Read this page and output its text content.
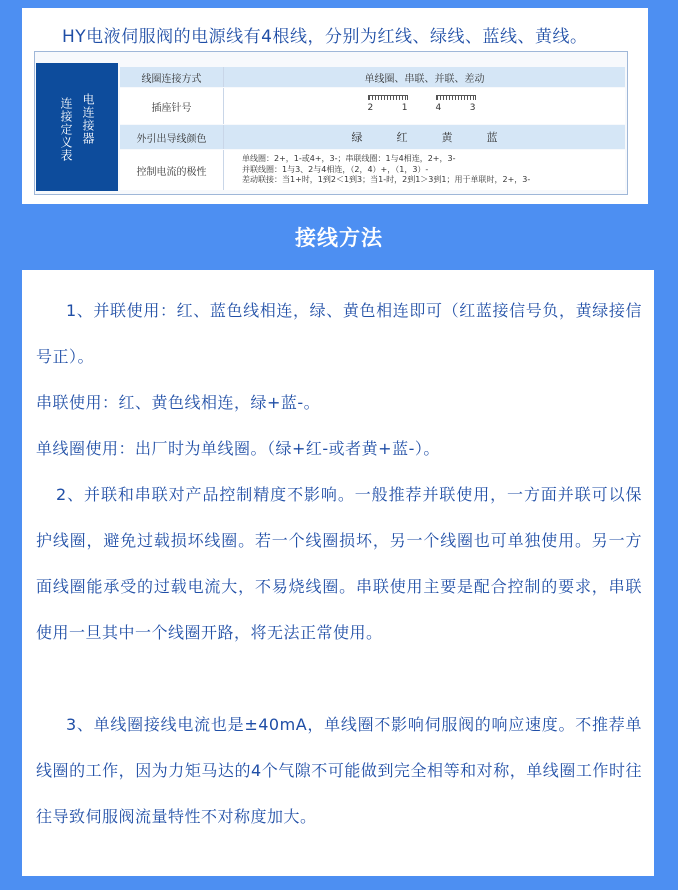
HY电液伺服阀的电源线有4根线，分别为红线、绿线、蓝线、黄线。
连接定义表 电连接器
线圈连接方式	单线圈、串联、并联、差动
插座针号	2	1	4	3
外引出导线颜色	绿	红	黄	蓝
控制电流的极性
单线圈：2+，1-或4+，3-；串联线圈：1与4相连，2+，3-
并联线圈：1与3、2与4相连，（2，4）+，（1，3）-
差动联接：当1+时，1到2＜1到3；当1-时，2到1＞3到1；用于单联时，2+，3-
接线方法

1、并联使用：红、蓝色线相连，绿、黄色相连即可（红蓝接信号负，黄绿接信号正）。

串联使用：红、黄色线相连，绿+蓝-。

单线圈使用：出厂时为单线圈。（绿+红-或者黄+蓝-）。

2、并联和串联对产品控制精度不影响。一般推荐并联使用，一方面并联可以保护线圈，避免过载损坏线圈。若一个线圈损坏，另一个线圈也可单独使用。另一方面线圈能承受的过载电流大，不易烧线圈。串联使用主要是配合控制的要求，串联使用一旦其中一个线圈开路，将无法正常使用。

3、单线圈接线电流也是±40mA，单线圈不影响伺服阀的响应速度。不推荐单线圈的工作，因为力矩马达的4个气隙不可能做到完全相等和对称，单线圈工作时往往导致伺服阀流量特性不对称度加大。
